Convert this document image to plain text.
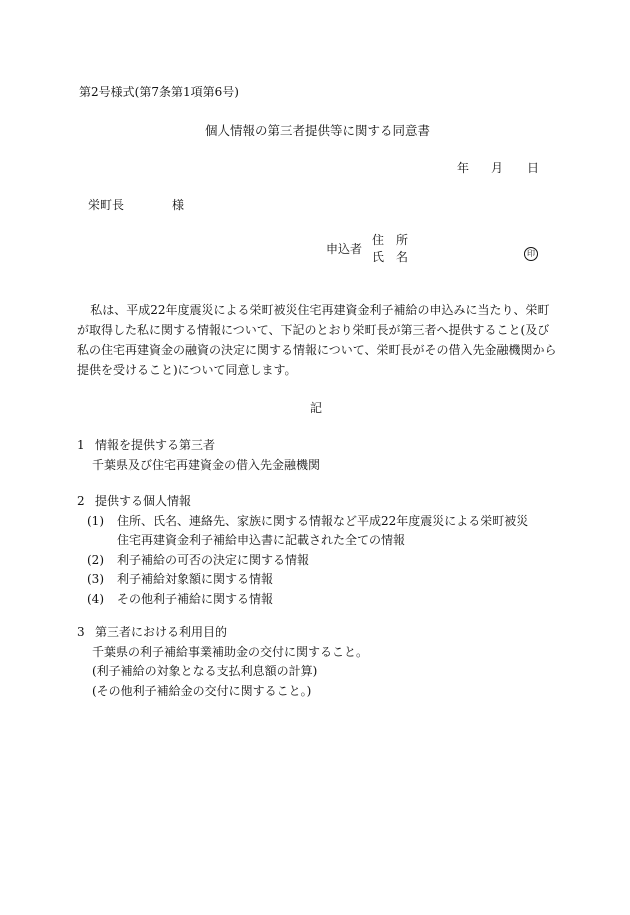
第2号様式(第7条第1項第6号)
個人情報の第三者提供等に関する同意書
年 月 日
栄町長	様
申込者
住　所
氏　名	印

私は、平成22年度震災による栄町被災住宅再建資金利子補給の申込みに当たり、栄町が取得した私に関する情報について、下記のとおり栄町長が第三者へ提供すること(及び私の住宅再建資金の融資の決定に関する情報について、栄町長がその借入先金融機関から提供を受けること)について同意します。

記
1 情報を提供する第三者
千葉県及び住宅再建資金の借入先金融機関
2 提供する個人情報
(1)	住所、氏名、連絡先、家族に関する情報など平成22年度震災による栄町被災住宅再建資金利子補給申込書に記載された全ての情報
(2)	利子補給の可否の決定に関する情報
(3)	利子補給対象額に関する情報
(4)	その他利子補給に関する情報
3 第三者における利用目的
千葉県の利子補給事業補助金の交付に関すること。
(利子補給の対象となる支払利息額の計算)
(その他利子補給金の交付に関すること。)
